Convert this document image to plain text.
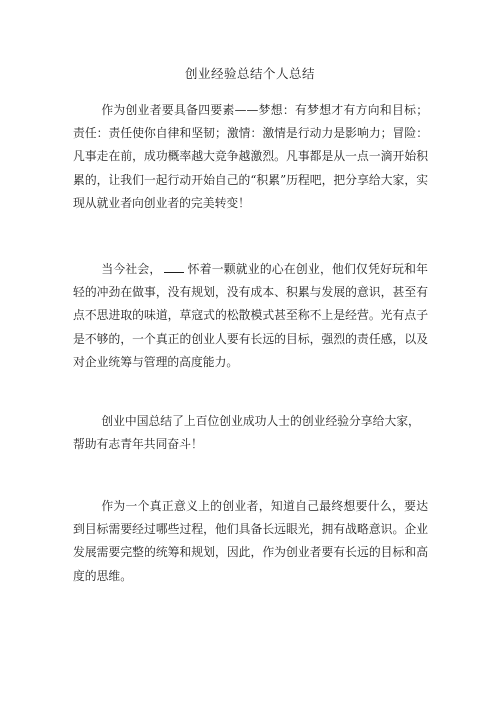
创业经验总结个人总结

作为创业者要具备四要素——梦想：有梦想才有方向和目标；责任：责任使你自律和坚韧；激情：激情是行动力是影响力；冒险：凡事走在前，成功概率越大竞争越激烈。凡事都是从一点一滴开始积累的，让我们一起行动开始自己的“积累”历程吧，把分享给大家，实现从就业者向创业者的完美转变！

当今社会， 怀着一颗就业的心在创业，他们仅凭好玩和年轻的冲劲在做事，没有规划，没有成本、积累与发展的意识，甚至有点不思进取的味道，草寇式的松散模式甚至称不上是经营。光有点子是不够的，一个真正的创业人要有长远的目标，强烈的责任感，以及对企业统筹与管理的高度能力。

创业中国总结了上百位创业成功人士的创业经验分享给大家，
帮助有志青年共同奋斗！

作为一个真正意义上的创业者，知道自己最终想要什么，要达到目标需要经过哪些过程，他们具备长远眼光，拥有战略意识。企业发展需要完整的统筹和规划，因此，作为创业者要有长远的目标和高度的思维。
